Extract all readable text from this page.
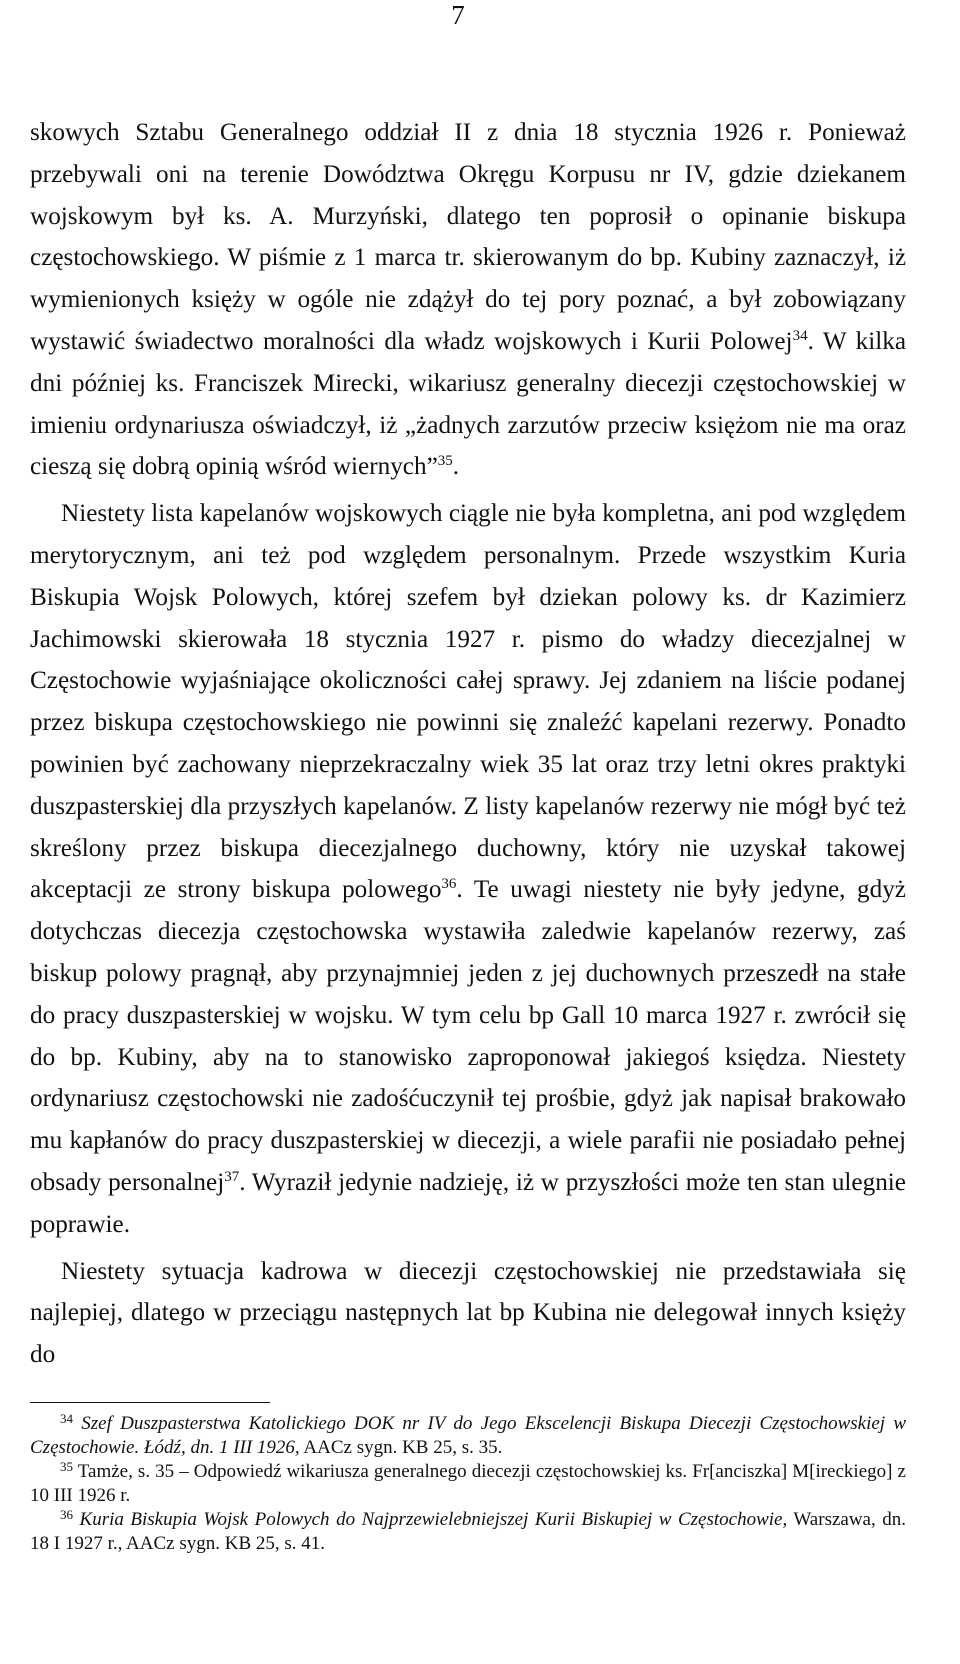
7

skowych Sztabu Generalnego oddział II z dnia 18 stycznia 1926 r. Ponieważ przebywali oni na terenie Dowództwa Okręgu Korpusu nr IV, gdzie dziekanem wojskowym był ks. A. Murzyński, dlatego ten poprosił o opinanie biskupa częstochowskiego. W piśmie z 1 marca tr. skierowanym do bp. Kubiny zaznaczył, iż wymienionych księży w ogóle nie zdążył do tej pory poznać, a był zobowiązany wystawić świadectwo moralności dla władz wojskowych i Kurii Polowej$^{34}$. W kilka dni później ks. Franciszek Mirecki, wikariusz generalny diecezji częstochowskiej w imieniu ordynariusza oświadczył, iż „żadnych zarzutów przeciw księżom nie ma oraz cieszą się dobrą opinią wśród wiernych”$^{35}$.

Niestety lista kapelanów wojskowych ciągle nie była kompletna, ani pod względem merytorycznym, ani też pod względem personalnym. Przede wszystkim Kuria Biskupia Wojsk Polowych, której szefem był dziekan polowy ks. dr Kazimierz Jachimowski skierowała 18 stycznia 1927 r. pismo do władzy diecezjalnej w Częstochowie wyjaśniające okoliczności całej sprawy. Jej zdaniem na liście podanej przez biskupa częstochowskiego nie powinni się znaleźć kapelani rezerwy. Ponadto powinien być zachowany nieprzekraczalny wiek 35 lat oraz trzy letni okres praktyki duszpasterskiej dla przyszłych kapelanów. Z listy kapelanów rezerwy nie mógł być też skreślony przez biskupa diecezjalnego duchowny, który nie uzyskał takowej akceptacji ze strony biskupa polowego$^{36}$. Te uwagi niestety nie były jedyne, gdyż dotychczas diecezja częstochowska wystawiła zaledwie kapelanów rezerwy, zaś biskup polowy pragnął, aby przynajmniej jeden z jej duchownych przeszedł na stałe do pracy duszpasterskiej w wojsku. W tym celu bp Gall 10 marca 1927 r. zwrócił się do bp. Kubiny, aby na to stanowisko zaproponował jakiegoś księdza. Niestety ordynariusz częstochowski nie zadośćuczynił tej prośbie, gdyż jak napisał brakowało mu kapłanów do pracy duszpasterskiej w diecezji, a wiele parafii nie posiadało pełnej obsady personalnej$^{37}$. Wyraził jedynie nadzieję, iż w przyszłości może ten stan ulegnie poprawie.

Niestety sytuacja kadrowa w diecezji częstochowskiej nie przedstawiała się najlepiej, dlatego w przeciągu następnych lat bp Kubina nie delegował innych księży do

$^{34}$ Szef Duszpasterstwa Katolickiego DOK nr IV do Jego Ekscelencji Biskupa Diecezji Częstochowskiej w Częstochowie. Łódź, dn. 1 III 1926, AACz sygn. KB 25, s. 35.

$^{35}$ Tamże, s. 35 – Odpowiedź wikariusza generalnego diecezji częstochowskiej ks. Fr[anciszka] M[ireckiego] z 10 III 1926 r.

$^{36}$ Kuria Biskupia Wojsk Polowych do Najprzewielebniejszej Kurii Biskupiej w Częstochowie, Warszawa, dn. 18 I 1927 r., AACz sygn. KB 25, s. 41.
